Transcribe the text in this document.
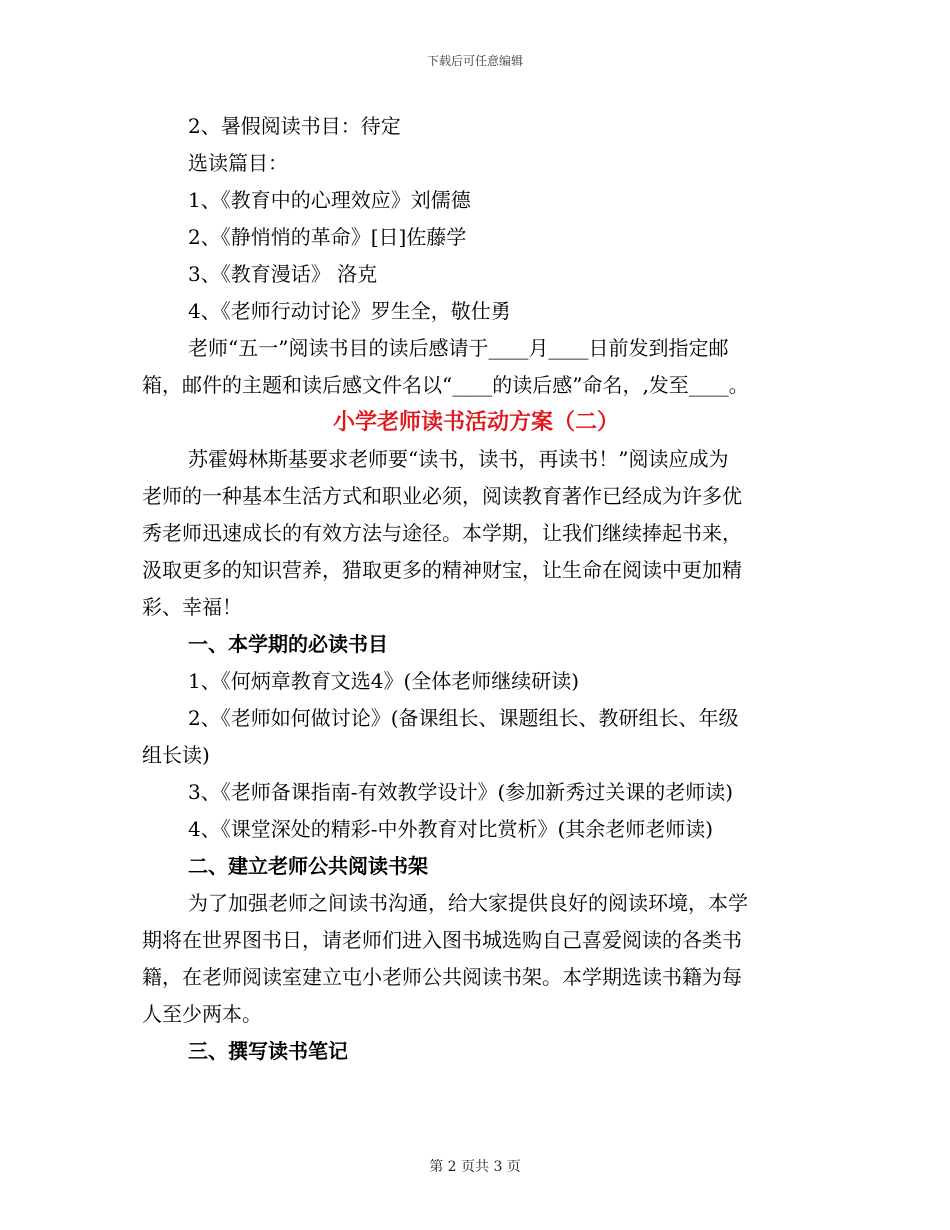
下载后可任意编辑
2、暑假阅读书目：待定
选读篇目：
1、《教育中的心理效应》刘儒德
2、《静悄悄的革命》[日]佐藤学
3、《教育漫话》 洛克
4、《老师行动讨论》罗生全，敬仕勇
老师“五一”阅读书目的读后感请于____月____日前发到指定邮
箱，邮件的主题和读后感文件名以“____的读后感”命名，,发至____。
小学老师读书活动方案（二）
苏霍姆林斯基要求老师要“读书，读书，再读书！”阅读应成为
老师的一种基本生活方式和职业必须，阅读教育著作已经成为许多优
秀老师迅速成长的有效方法与途径。本学期，让我们继续捧起书来，
汲取更多的知识营养，猎取更多的精神财宝，让生命在阅读中更加精
彩、幸福！
一、本学期的必读书目
1、《何炳章教育文选4》(全体老师继续研读)
2、《老师如何做讨论》(备课组长、课题组长、教研组长、年级
组长读)
3、《老师备课指南-有效教学设计》(参加新秀过关课的老师读)
4、《课堂深处的精彩-中外教育对比赏析》(其余老师老师读)
二、建立老师公共阅读书架
为了加强老师之间读书沟通，给大家提供良好的阅读环境，本学
期将在世界图书日，请老师们进入图书城选购自己喜爱阅读的各类书
籍，在老师阅读室建立屯小老师公共阅读书架。本学期选读书籍为每
人至少两本。
三、撰写读书笔记
第 2 页共 3 页
